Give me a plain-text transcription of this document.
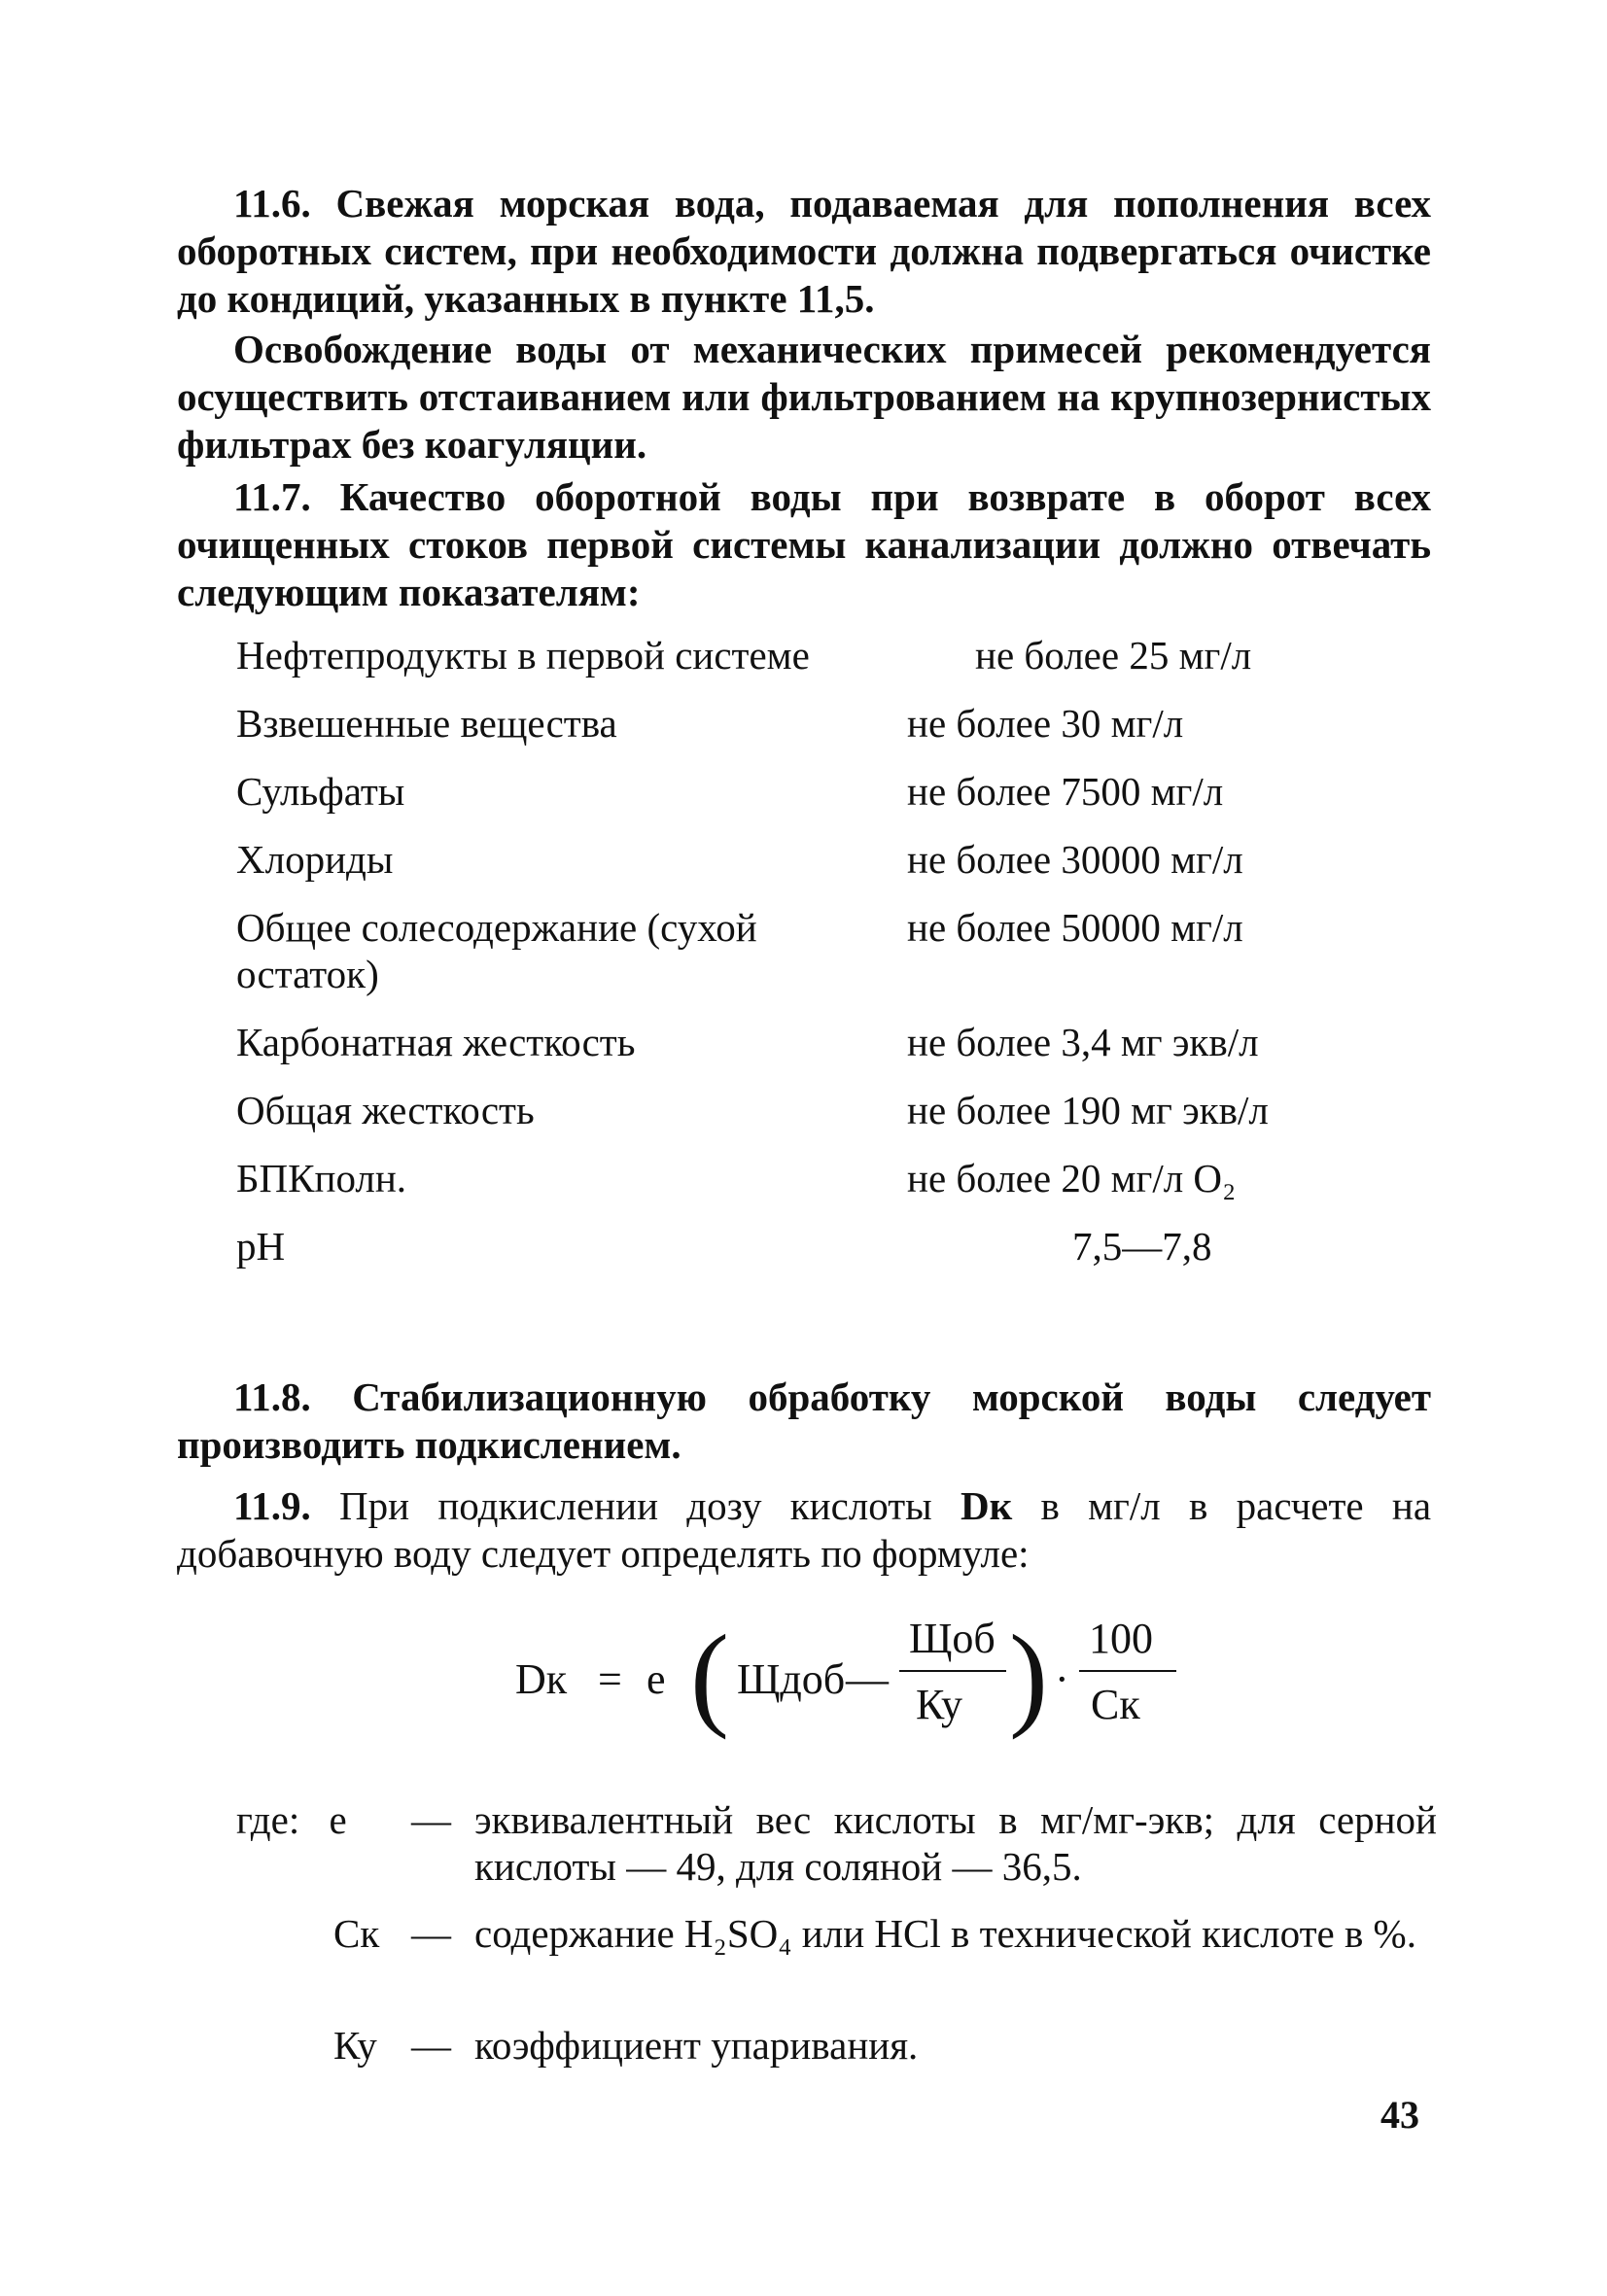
11.6. Свежая морская вода, подаваемая для пополнения всех оборотных систем, при необходимости должна подвергаться очистке до кондиций, указанных в пункте 11,5.

Освобождение воды от механических примесей рекомендуется осуществить отстаиванием или фильтрованием на крупнозернистых фильтрах без коагуляции.

11.7. Качество оборотной воды при возврате в оборот всех очищенных стоков первой системы канализации должно отвечать следующим показателям:

Нефтепродукты в первой системе	не более 25 мг/л
Взвешенные вещества	не более 30 мг/л
Сульфаты	не более 7500 мг/л
Хлориды	не более 30000 мг/л
Общее солесодержание (сухой остаток)	не более 50000 мг/л
Карбонатная жесткость	не более 3,4 мг экв/л
Общая жесткость	не более 190 мг экв/л
БПКполн.	не более 20 мг/л O₂
pH	7,5—7,8

11.8. Стабилизационную обработку морской воды следует производить подкислением.

11.9. При подкислении дозу кислоты Dк в мг/л в расчете на добавочную воду следует определять по формуле:

Dк = е ( Щдоб —
Щоб
Ку ) ·
100
Ск
где: е — эквивалентный вес кислоты в мг/мг-экв; для серной кислоты — 49, для соляной — 36,5.
Ск — содержание H₂SO₄ или HCl в технической кислоте в %.
Ку — коэффициент упаривания.
43
